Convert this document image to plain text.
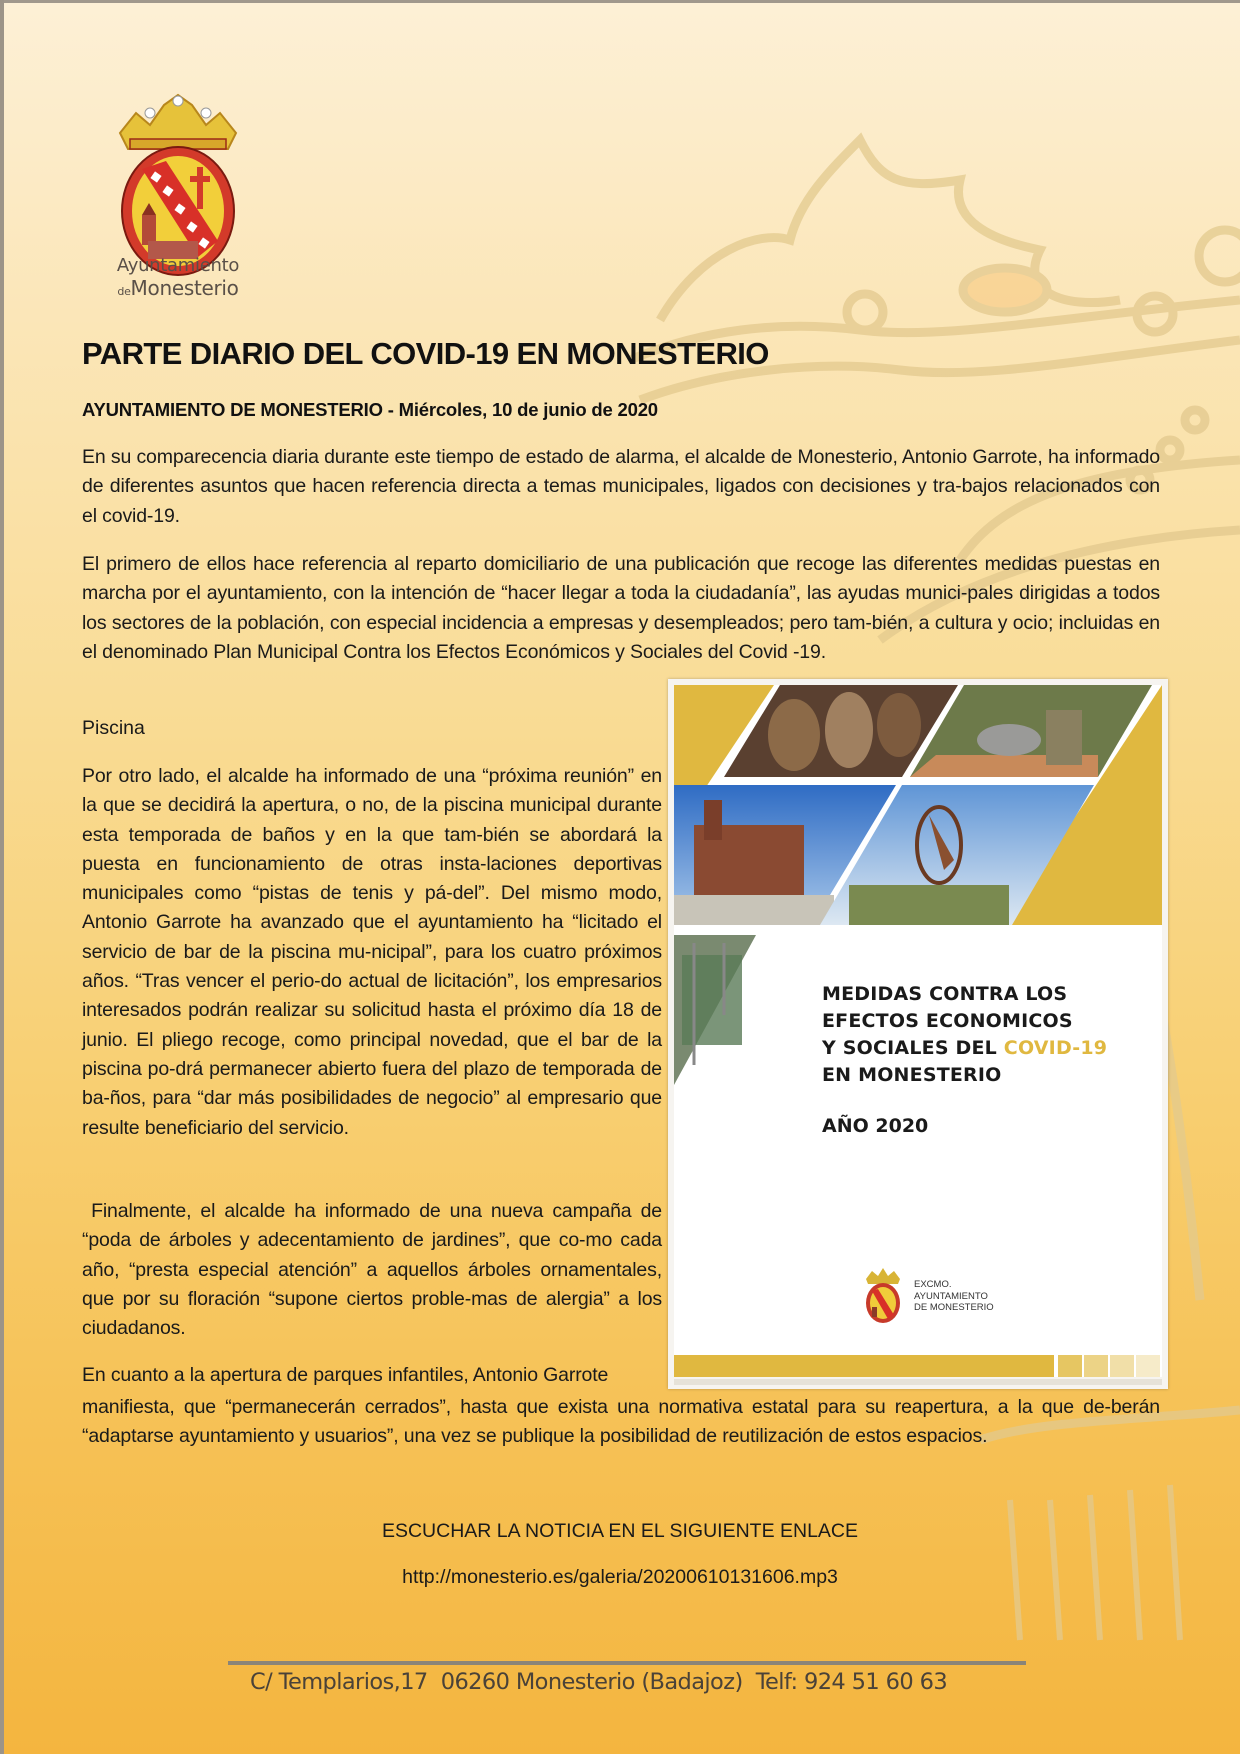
Ayuntamiento
deMonesterio
PARTE DIARIO DEL COVID-19 EN MONESTERIO
AYUNTAMIENTO DE MONESTERIO - Miércoles, 10 de junio de 2020
En su comparecencia diaria durante este tiempo de estado de alarma, el alcalde de Monesterio, Antonio Garrote, ha informado de diferentes asuntos que hacen referencia directa a temas municipales, ligados con decisiones y tra-bajos relacionados con el covid-19.
El primero de ellos hace referencia al reparto domiciliario de una publicación que recoge las diferentes medidas puestas en marcha por el ayuntamiento, con la intención de “hacer llegar a toda la ciudadanía”, las ayudas munici-pales dirigidas a todos los sectores de la población, con especial incidencia a empresas y desempleados; pero tam-bién, a cultura y ocio; incluidas en el denominado Plan Municipal Contra los Efectos Económicos y Sociales del Covid -19.
Piscina
Por otro lado, el alcalde ha informado de una “próxima reunión” en la que se decidirá la apertura, o no, de la piscina municipal durante esta temporada de baños y en la que tam-bién se abordará la puesta en funcionamiento de otras insta-laciones deportivas municipales como “pistas de tenis y pá-del”. Del mismo modo, Antonio Garrote ha avanzado que el ayuntamiento ha “licitado el servicio de bar de la piscina mu-nicipal”, para los cuatro próximos años. “Tras vencer el perio-do actual de licitación”, los empresarios interesados podrán realizar su solicitud hasta el próximo día 18 de junio. El pliego recoge, como principal novedad, que el bar de la piscina po-drá permanecer abierto fuera del plazo de temporada de ba-ños, para “dar más posibilidades de negocio” al empresario que resulte beneficiario del servicio.
Finalmente, el alcalde ha informado de una nueva campaña de “poda de árboles y adecentamiento de jardines”, que co-mo cada año, “presta especial atención” a aquellos árboles ornamentales, que por su floración “supone ciertos proble-mas de alergia” a los ciudadanos.
En cuanto a la apertura de parques infantiles, Antonio Garrote
manifiesta, que “permanecerán cerrados”, hasta que exista una normativa estatal para su reapertura, a la que de-berán “adaptarse ayuntamiento y usuarios”, una vez se publique la posibilidad de reutilización de estos espacios.
MEDIDAS CONTRA LOS
EFECTOS ECONOMICOS
Y SOCIALES DEL COVID-19
EN MONESTERIO
AÑO 2020
EXCMO.
AYUNTAMIENTO
DE MONESTERIO
ESCUCHAR LA NOTICIA EN EL SIGUIENTE ENLACE
http://monesterio.es/galeria/20200610131606.mp3
C/ Templarios,17  06260 Monesterio (Badajoz)  Telf: 924 51 60 63
